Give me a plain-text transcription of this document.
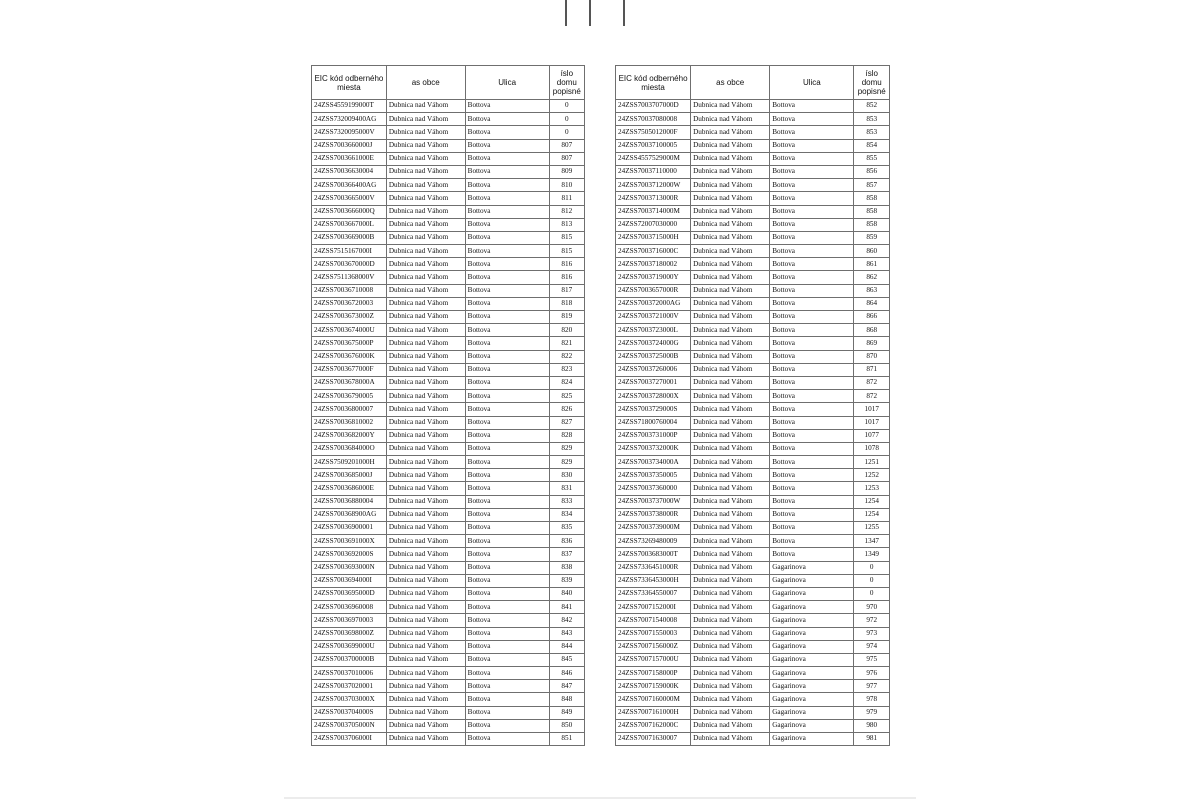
EIC kód odberného miesta	as obce	Ulica	íslo domu popisné
24ZSS4559199000T	Dubnica nad Váhom	Bottova	0
24ZSS732009400AG	Dubnica nad Váhom	Bottova	0
24ZSS7320095000V	Dubnica nad Váhom	Bottova	0
24ZSS7003660000J	Dubnica nad Váhom	Bottova	807
24ZSS7003661000E	Dubnica nad Váhom	Bottova	807
24ZSS70036630004	Dubnica nad Váhom	Bottova	809
24ZSS700366400AG	Dubnica nad Váhom	Bottova	810
24ZSS7003665000V	Dubnica nad Váhom	Bottova	811
24ZSS7003666000Q	Dubnica nad Váhom	Bottova	812
24ZSS7003667000L	Dubnica nad Váhom	Bottova	813
24ZSS7003669000B	Dubnica nad Váhom	Bottova	815
24ZSS7515167000I	Dubnica nad Váhom	Bottova	815
24ZSS7003670000D	Dubnica nad Váhom	Bottova	816
24ZSS7511368000V	Dubnica nad Váhom	Bottova	816
24ZSS70036710008	Dubnica nad Váhom	Bottova	817
24ZSS70036720003	Dubnica nad Váhom	Bottova	818
24ZSS7003673000Z	Dubnica nad Váhom	Bottova	819
24ZSS7003674000U	Dubnica nad Váhom	Bottova	820
24ZSS7003675000P	Dubnica nad Váhom	Bottova	821
24ZSS7003676000K	Dubnica nad Váhom	Bottova	822
24ZSS7003677000F	Dubnica nad Váhom	Bottova	823
24ZSS7003678000A	Dubnica nad Váhom	Bottova	824
24ZSS70036790005	Dubnica nad Váhom	Bottova	825
24ZSS70036800007	Dubnica nad Váhom	Bottova	826
24ZSS70036810002	Dubnica nad Váhom	Bottova	827
24ZSS7003682000Y	Dubnica nad Váhom	Bottova	828
24ZSS7003684000O	Dubnica nad Váhom	Bottova	829
24ZSS7509201000H	Dubnica nad Váhom	Bottova	829
24ZSS7003685000J	Dubnica nad Váhom	Bottova	830
24ZSS7003686000E	Dubnica nad Váhom	Bottova	831
24ZSS70036880004	Dubnica nad Váhom	Bottova	833
24ZSS700368900AG	Dubnica nad Váhom	Bottova	834
24ZSS70036900001	Dubnica nad Váhom	Bottova	835
24ZSS7003691000X	Dubnica nad Váhom	Bottova	836
24ZSS7003692000S	Dubnica nad Váhom	Bottova	837
24ZSS7003693000N	Dubnica nad Váhom	Bottova	838
24ZSS7003694000I	Dubnica nad Váhom	Bottova	839
24ZSS7003695000D	Dubnica nad Váhom	Bottova	840
24ZSS70036960008	Dubnica nad Váhom	Bottova	841
24ZSS70036970003	Dubnica nad Váhom	Bottova	842
24ZSS7003698000Z	Dubnica nad Váhom	Bottova	843
24ZSS7003699000U	Dubnica nad Váhom	Bottova	844
24ZSS7003700000B	Dubnica nad Váhom	Bottova	845
24ZSS70037010006	Dubnica nad Váhom	Bottova	846
24ZSS70037020001	Dubnica nad Váhom	Bottova	847
24ZSS7003703000X	Dubnica nad Váhom	Bottova	848
24ZSS7003704000S	Dubnica nad Váhom	Bottova	849
24ZSS7003705000N	Dubnica nad Váhom	Bottova	850
24ZSS7003706000I	Dubnica nad Váhom	Bottova	851
EIC kód odberného miesta	as obce	Ulica	íslo domu popisné
24ZSS7003707000D	Dubnica nad Váhom	Bottova	852
24ZSS70037080008	Dubnica nad Váhom	Bottova	853
24ZSS7505012000F	Dubnica nad Váhom	Bottova	853
24ZSS70037100005	Dubnica nad Váhom	Bottova	854
24ZSS4557529000M	Dubnica nad Váhom	Bottova	855
24ZSS70037110000	Dubnica nad Váhom	Bottova	856
24ZSS7003712000W	Dubnica nad Váhom	Bottova	857
24ZSS7003713000R	Dubnica nad Váhom	Bottova	858
24ZSS7003714000M	Dubnica nad Váhom	Bottova	858
24ZSS72007030000	Dubnica nad Váhom	Bottova	858
24ZSS7003715000H	Dubnica nad Váhom	Bottova	859
24ZSS7003716000C	Dubnica nad Váhom	Bottova	860
24ZSS70037180002	Dubnica nad Váhom	Bottova	861
24ZSS7003719000Y	Dubnica nad Váhom	Bottova	862
24ZSS7003657000R	Dubnica nad Váhom	Bottova	863
24ZSS700372000AG	Dubnica nad Váhom	Bottova	864
24ZSS7003721000V	Dubnica nad Váhom	Bottova	866
24ZSS7003723000L	Dubnica nad Váhom	Bottova	868
24ZSS7003724000G	Dubnica nad Váhom	Bottova	869
24ZSS7003725000B	Dubnica nad Váhom	Bottova	870
24ZSS70037260006	Dubnica nad Váhom	Bottova	871
24ZSS70037270001	Dubnica nad Váhom	Bottova	872
24ZSS7003728000X	Dubnica nad Váhom	Bottova	872
24ZSS7003729000S	Dubnica nad Váhom	Bottova	1017
24ZSS71800760004	Dubnica nad Váhom	Bottova	1017
24ZSS7003731000P	Dubnica nad Váhom	Bottova	1077
24ZSS7003732000K	Dubnica nad Váhom	Bottova	1078
24ZSS7003734000A	Dubnica nad Váhom	Bottova	1251
24ZSS70037350005	Dubnica nad Váhom	Bottova	1252
24ZSS70037360000	Dubnica nad Váhom	Bottova	1253
24ZSS7003737000W	Dubnica nad Váhom	Bottova	1254
24ZSS7003738000R	Dubnica nad Váhom	Bottova	1254
24ZSS7003739000M	Dubnica nad Váhom	Bottova	1255
24ZSS73269480009	Dubnica nad Váhom	Bottova	1347
24ZSS7003683000T	Dubnica nad Váhom	Bottova	1349
24ZSS7336451000R	Dubnica nad Váhom	Gagarinova	0
24ZSS7336453000H	Dubnica nad Váhom	Gagarinova	0
24ZSS73364550007	Dubnica nad Váhom	Gagarinova	0
24ZSS7007152000I	Dubnica nad Váhom	Gagarinova	970
24ZSS70071540008	Dubnica nad Váhom	Gagarinova	972
24ZSS70071550003	Dubnica nad Váhom	Gagarinova	973
24ZSS7007156000Z	Dubnica nad Váhom	Gagarinova	974
24ZSS7007157000U	Dubnica nad Váhom	Gagarinova	975
24ZSS7007158000P	Dubnica nad Váhom	Gagarinova	976
24ZSS7007159000K	Dubnica nad Váhom	Gagarinova	977
24ZSS7007160000M	Dubnica nad Váhom	Gagarinova	978
24ZSS7007161000H	Dubnica nad Váhom	Gagarinova	979
24ZSS7007162000C	Dubnica nad Váhom	Gagarinova	980
24ZSS70071630007	Dubnica nad Váhom	Gagarinova	981
